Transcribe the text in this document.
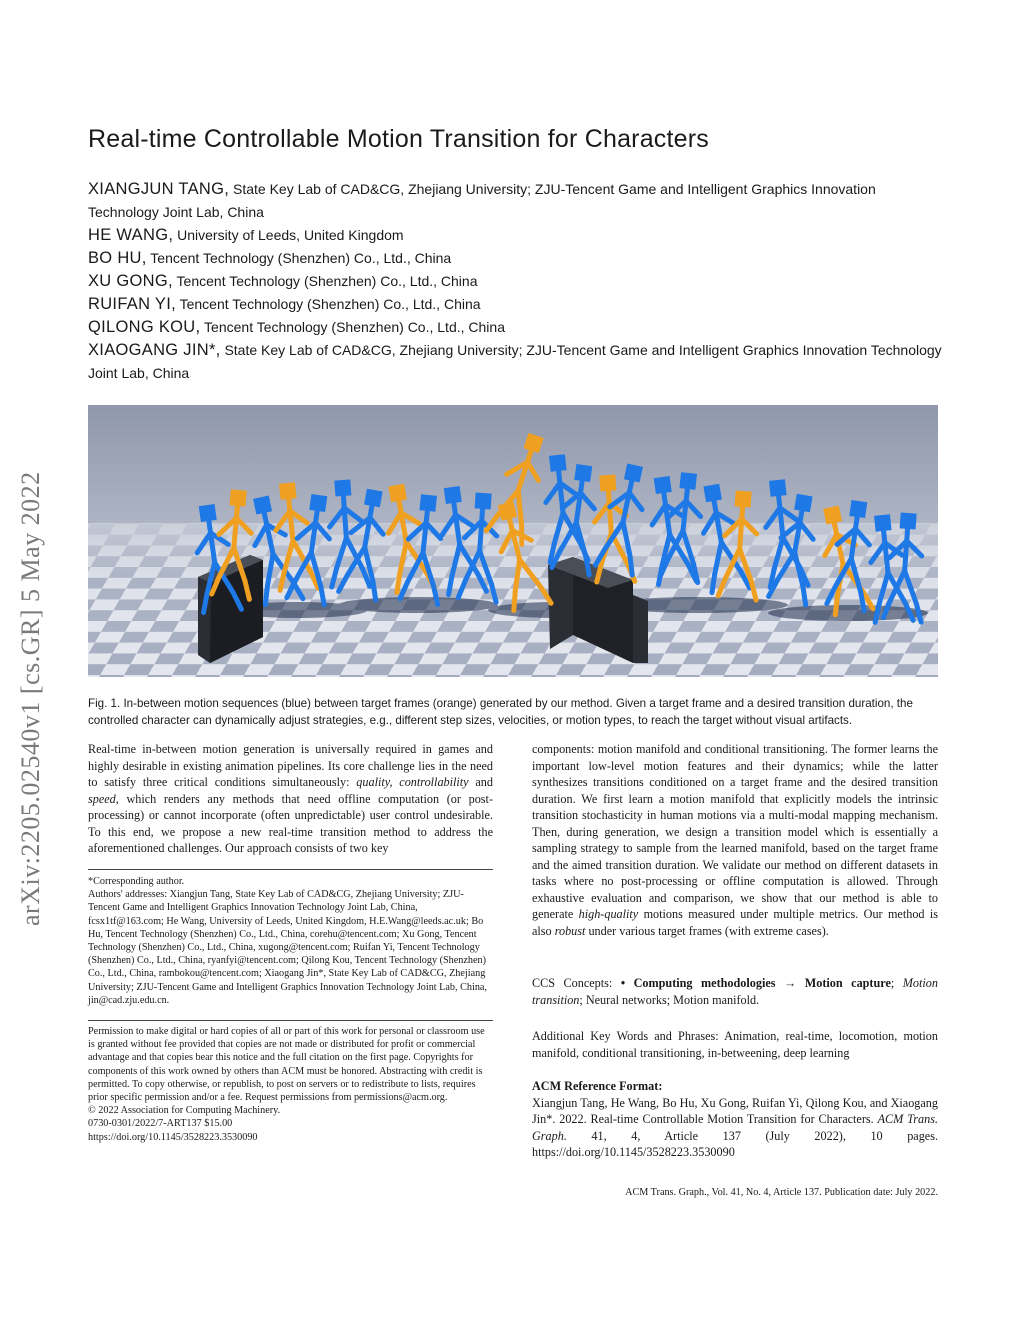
arXiv:2205.02540v1 [cs.GR] 5 May 2022
Real-time Controllable Motion Transition for Characters
XIANGJUN TANG, State Key Lab of CAD&CG, Zhejiang University; ZJU-Tencent Game and Intelligent Graphics Innovation Technology Joint Lab, China
HE WANG, University of Leeds, United Kingdom
BO HU, Tencent Technology (Shenzhen) Co., Ltd., China
XU GONG, Tencent Technology (Shenzhen) Co., Ltd., China
RUIFAN YI, Tencent Technology (Shenzhen) Co., Ltd., China
QILONG KOU, Tencent Technology (Shenzhen) Co., Ltd., China
XIAOGANG JIN*, State Key Lab of CAD&CG, Zhejiang University; ZJU-Tencent Game and Intelligent Graphics Innovation Technology Joint Lab, China
Fig. 1. In-between motion sequences (blue) between target frames (orange) generated by our method. Given a target frame and a desired transition duration, the controlled character can dynamically adjust strategies, e.g., different step sizes, velocities, or motion types, to reach the target without visual artifacts.

Real-time in-between motion generation is universally required in games and highly desirable in existing animation pipelines. Its core challenge lies in the need to satisfy three critical conditions simultaneously: quality, controllability and speed, which renders any methods that need offline computation (or post-processing) or cannot incorporate (often unpredictable) user control undesirable. To this end, we propose a new real-time transition method to address the aforementioned challenges. Our approach consists of two key

*Corresponding author.
Authors' addresses: Xiangjun Tang, State Key Lab of CAD&CG, Zhejiang University; ZJU-Tencent Game and Intelligent Graphics Innovation Technology Joint Lab, China, fcsx1tf@163.com; He Wang, University of Leeds, United Kingdom, H.E.Wang@leeds.ac.uk; Bo Hu, Tencent Technology (Shenzhen) Co., Ltd., China, corehu@tencent.com; Xu Gong, Tencent Technology (Shenzhen) Co., Ltd., China, xugong@tencent.com; Ruifan Yi, Tencent Technology (Shenzhen) Co., Ltd., China, ryanfyi@tencent.com; Qilong Kou, Tencent Technology (Shenzhen) Co., Ltd., China, rambokou@tencent.com; Xiaogang Jin*, State Key Lab of CAD&CG, Zhejiang University; ZJU-Tencent Game and Intelligent Graphics Innovation Technology Joint Lab, China, jin@cad.zju.edu.cn.
Permission to make digital or hard copies of all or part of this work for personal or classroom use is granted without fee provided that copies are not made or distributed for profit or commercial advantage and that copies bear this notice and the full citation on the first page. Copyrights for components of this work owned by others than ACM must be honored. Abstracting with credit is permitted. To copy otherwise, or republish, to post on servers or to redistribute to lists, requires prior specific permission and/or a fee. Request permissions from permissions@acm.org.
© 2022 Association for Computing Machinery.
0730-0301/2022/7-ART137 $15.00
https://doi.org/10.1145/3528223.3530090

components: motion manifold and conditional transitioning. The former learns the important low-level motion features and their dynamics; while the latter synthesizes transitions conditioned on a target frame and the desired transition duration. We first learn a motion manifold that explicitly models the intrinsic transition stochasticity in human motions via a multi-modal mapping mechanism. Then, during generation, we design a transition model which is essentially a sampling strategy to sample from the learned manifold, based on the target frame and the aimed transition duration. We validate our method on different datasets in tasks where no post-processing or offline computation is allowed. Through exhaustive evaluation and comparison, we show that our method is able to generate high-quality motions measured under multiple metrics. Our method is also robust under various target frames (with extreme cases).

CCS Concepts: • Computing methodologies → Motion capture; Motion transition; Neural networks; Motion manifold.

Additional Key Words and Phrases: Animation, real-time, locomotion, motion manifold, conditional transitioning, in-betweening, deep learning

ACM Reference Format:

Xiangjun Tang, He Wang, Bo Hu, Xu Gong, Ruifan Yi, Qilong Kou, and Xiaogang Jin*. 2022. Real-time Controllable Motion Transition for Characters. ACM Trans. Graph. 41, 4, Article 137 (July 2022), 10 pages. https://doi.org/10.1145/3528223.3530090

ACM Trans. Graph., Vol. 41, No. 4, Article 137. Publication date: July 2022.
